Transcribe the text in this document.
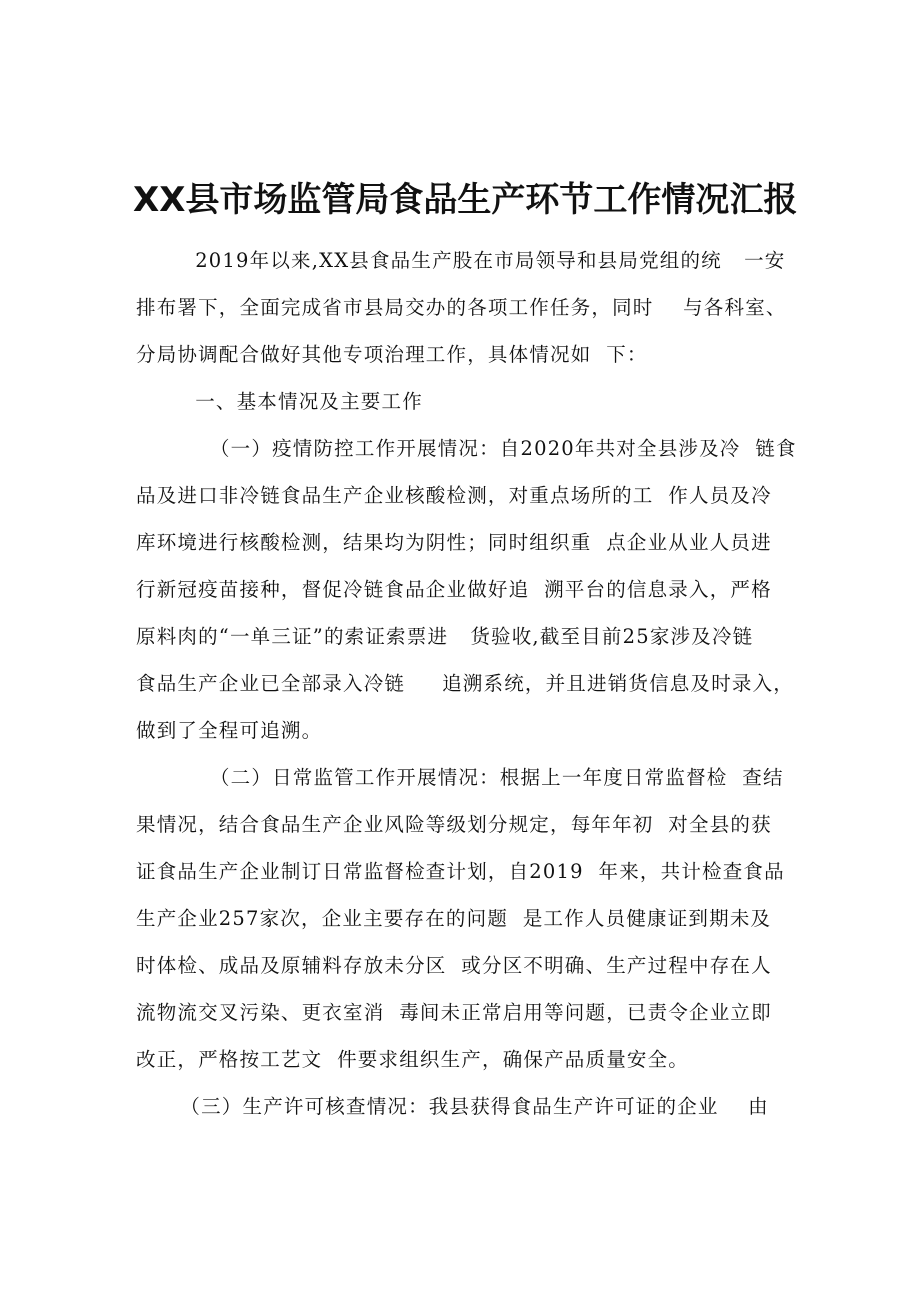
XX县市场监管局食品生产环节工作情况汇报
2019年以来,XX县食品生产股在市局领导和县局党组的统   一安
排布署下，全面完成省市县局交办的各项工作任务，同时    与各科室、
分局协调配合做好其他专项治理工作，具体情况如  下：
一、基本情况及主要工作
（一）疫情防控工作开展情况：自2020年共对全县涉及冷  链食
品及进口非冷链食品生产企业核酸检测，对重点场所的工  作人员及冷
库环境进行核酸检测，结果均为阴性；同时组织重  点企业从业人员进
行新冠疫苗接种，督促冷链食品企业做好追  溯平台的信息录入，严格
原料肉的“一单三证”的索证索票进   货验收,截至目前25家涉及冷链
食品生产企业已全部录入冷链     追溯系统，并且进销货信息及时录入，
做到了全程可追溯。
（二）日常监管工作开展情况：根据上一年度日常监督检  查结
果情况，结合食品生产企业风险等级划分规定，每年年初  对全县的获
证食品生产企业制订日常监督检查计划，自2019  年来，共计检查食品
生产企业257家次，企业主要存在的问题  是工作人员健康证到期未及
时体检、成品及原辅料存放未分区  或分区不明确、生产过程中存在人
流物流交叉污染、更衣室消  毒间未正常启用等问题，已责令企业立即
改正，严格按工艺文  件要求组织生产，确保产品质量安全。
（三）生产许可核查情况：我县获得食品生产许可证的企业    由
